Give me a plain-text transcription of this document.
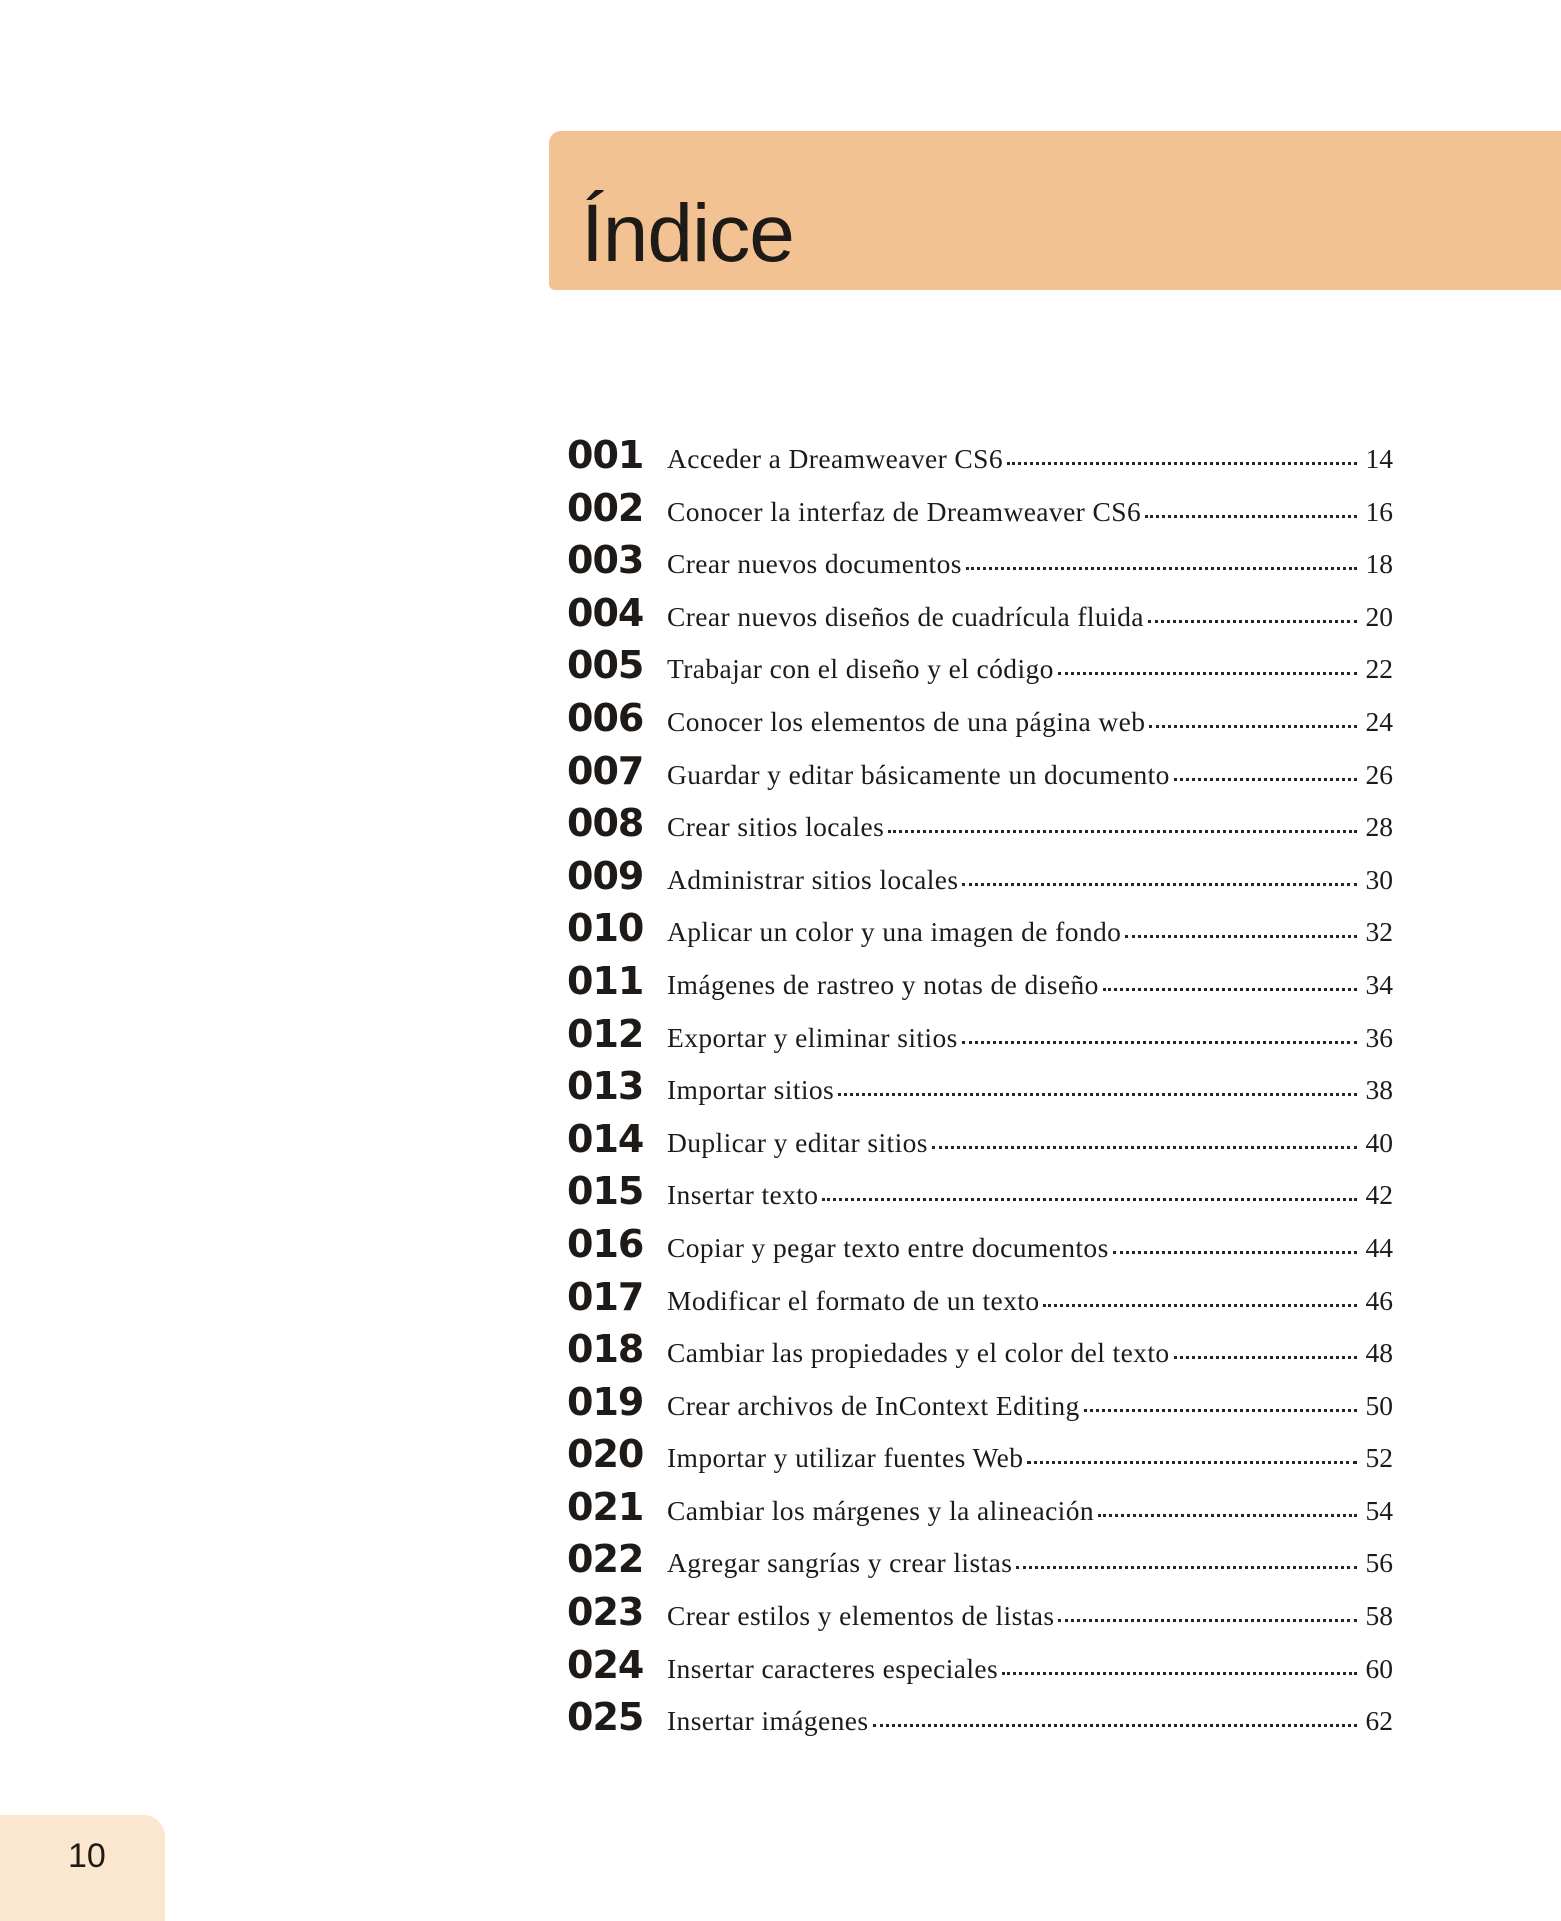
Índice
001 Acceder a Dreamweaver CS6	14
002 Conocer la interfaz de Dreamweaver CS6	16
003 Crear nuevos documentos	18
004 Crear nuevos diseños de cuadrícula fluida	20
005 Trabajar con el diseño y el código	22
006 Conocer los elementos de una página web	24
007 Guardar y editar básicamente un documento	26
008 Crear sitios locales	28
009 Administrar sitios locales	30
010 Aplicar un color y una imagen de fondo	32
011 Imágenes de rastreo y notas de diseño	34
012 Exportar y eliminar sitios	36
013 Importar sitios	38
014 Duplicar y editar sitios	40
015 Insertar texto	42
016 Copiar y pegar texto entre documentos	44
017 Modificar el formato de un texto	46
018 Cambiar las propiedades y el color del texto	48
019 Crear archivos de InContext Editing	50
020 Importar y utilizar fuentes Web	52
021 Cambiar los márgenes y la alineación	54
022 Agregar sangrías y crear listas	56
023 Crear estilos y elementos de listas	58
024 Insertar caracteres especiales	60
025 Insertar imágenes	62
10
